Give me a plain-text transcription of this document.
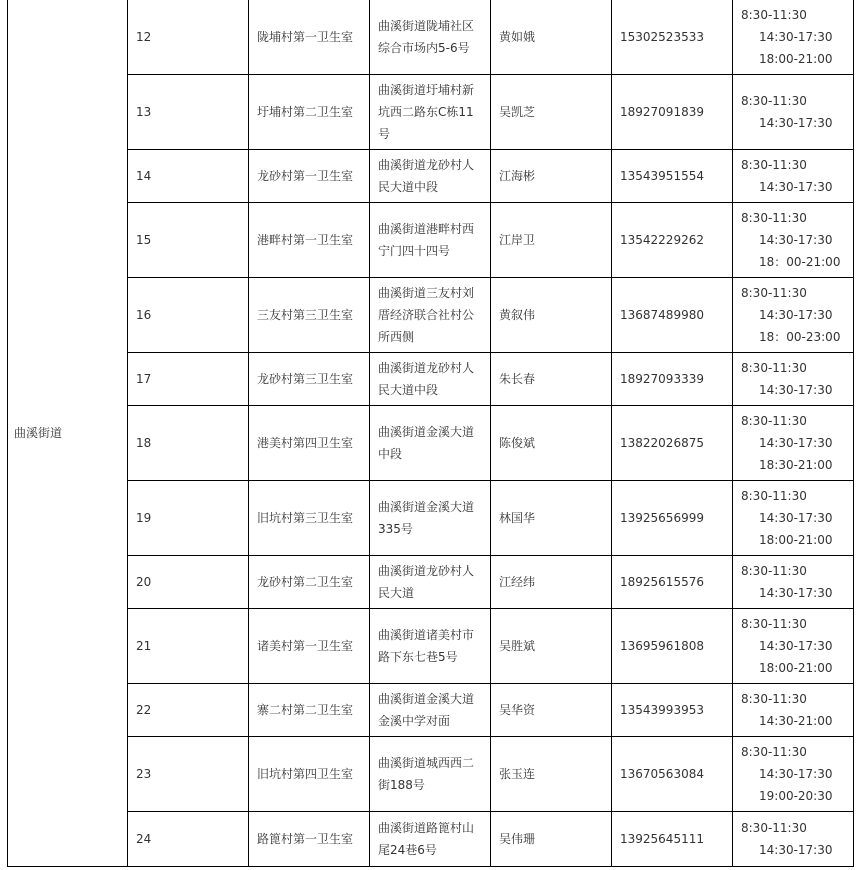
曲溪街道	12	陇埔村第一卫生室	曲溪街道陇埔社区综合市场内5-6号	黄如娥	15302523533	8:30-11:30
14:30-17:30
18:00-21:00

	13	圩埔村第二卫生室	曲溪街道圩埔村新坑西二路东C栋11号	吴凯芝	18927091839	8:30-11:30
14:30-17:30

	14	龙砂村第一卫生室	曲溪街道龙砂村人民大道中段	江海彬	13543951554	8:30-11:30
14:30-17:30

	15	港畔村第一卫生室	曲溪街道港畔村西宁门四十四号	江岸卫	13542229262	8:30-11:30
14:30-17:30
18：00-21:00

	16	三友村第三卫生室	曲溪街道三友村刘厝经济联合社村公所西侧	黄叙伟	13687489980	8:30-11:30
14:30-17:30
18：00-23:00

	17	龙砂村第三卫生室	曲溪街道龙砂村人民大道中段	朱长春	18927093339	8:30-11:30
14:30-17:30

	18	港美村第四卫生室	曲溪街道金溪大道中段	陈俊斌	13822026875	8:30-11:30
14:30-17:30
18:30-21:00

	19	旧坑村第三卫生室	曲溪街道金溪大道335号	林国华	13925656999	8:30-11:30
14:30-17:30
18:00-21:00

	20	龙砂村第二卫生室	曲溪街道龙砂村人民大道	江经纬	18925615576	8:30-11:30
14:30-17:30

	21	诸美村第一卫生室	曲溪街道诸美村市路下东七巷5号	吴胜斌	13695961808	8:30-11:30
14:30-17:30
18:00-21:00

	22	寨二村第二卫生室	曲溪街道金溪大道金溪中学对面	吴华资	13543993953	8:30-11:30
14:30-21:00

	23	旧坑村第四卫生室	曲溪街道城西西二街188号	张玉连	13670563084	8:30-11:30
14:30-17:30
19:00-20:30

	24	路篦村第一卫生室	曲溪街道路篦村山尾24巷6号	吴伟珊	13925645111	8:30-11:30
14:30-17:30
